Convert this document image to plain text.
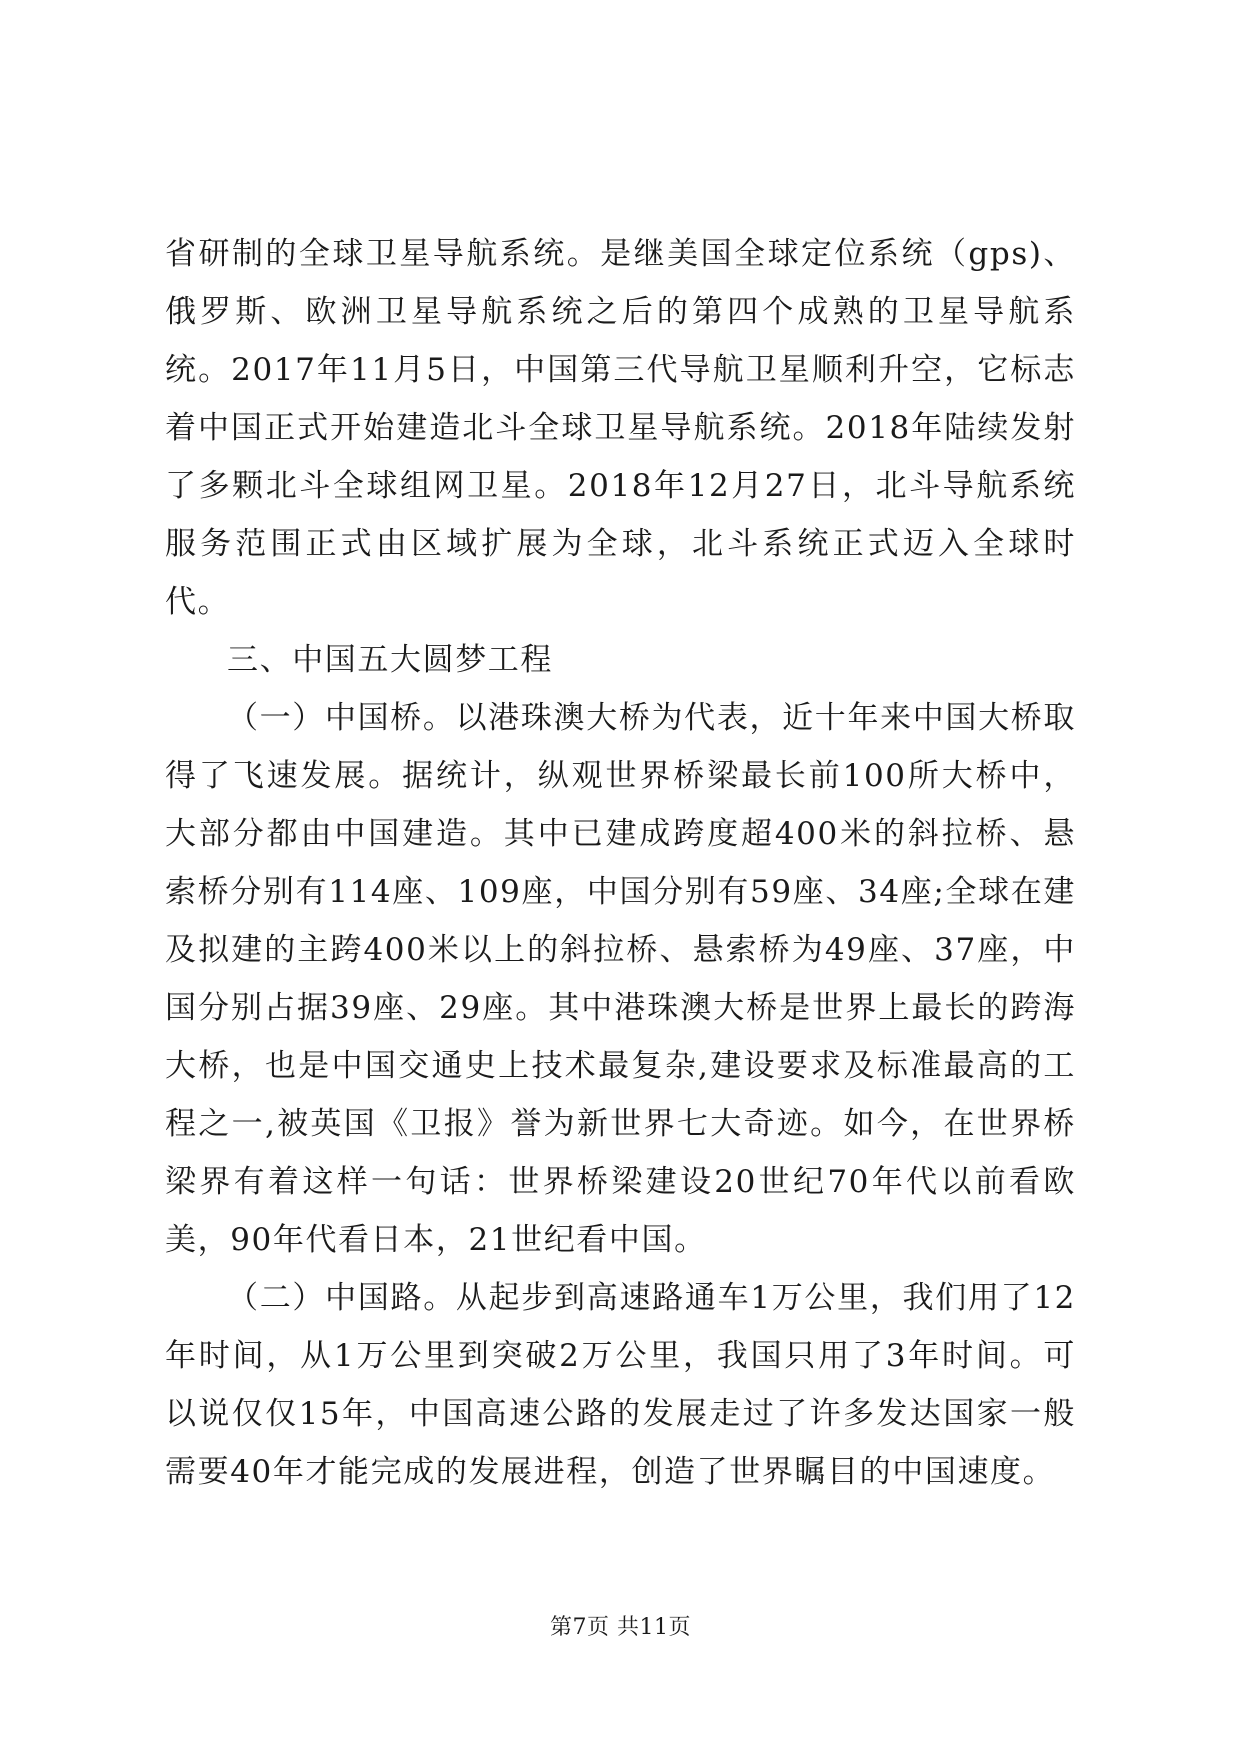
省研制的全球卫星导航系统。是继美国全球定位系统（gps)、俄罗斯、欧洲卫星导航系统之后的第四个成熟的卫星导航系统。2017年11月5日，中国第三代导航卫星顺利升空，它标志着中国正式开始建造北斗全球卫星导航系统。2018年陆续发射了多颗北斗全球组网卫星。2018年12月27日，北斗导航系统服务范围正式由区域扩展为全球，北斗系统正式迈入全球时代。

三、中国五大圆梦工程

（一）中国桥。以港珠澳大桥为代表，近十年来中国大桥取得了飞速发展。据统计，纵观世界桥梁最长前100所大桥中，大部分都由中国建造。其中已建成跨度超400米的斜拉桥、悬索桥分别有114座、109座，中国分别有59座、34座;全球在建及拟建的主跨400米以上的斜拉桥、悬索桥为49座、37座，中国分别占据39座、29座。其中港珠澳大桥是世界上最长的跨海大桥，也是中国交通史上技术最复杂,建设要求及标准最高的工程之一,被英国《卫报》誉为新世界七大奇迹。如今，在世界桥梁界有着这样一句话：世界桥梁建设20世纪70年代以前看欧美，90年代看日本，21世纪看中国。

（二）中国路。从起步到高速路通车1万公里，我们用了12年时间，从1万公里到突破2万公里，我国只用了3年时间。可以说仅仅15年，中国高速公路的发展走过了许多发达国家一般需要40年才能完成的发展进程，创造了世界瞩目的中国速度。

第7页 共11页
